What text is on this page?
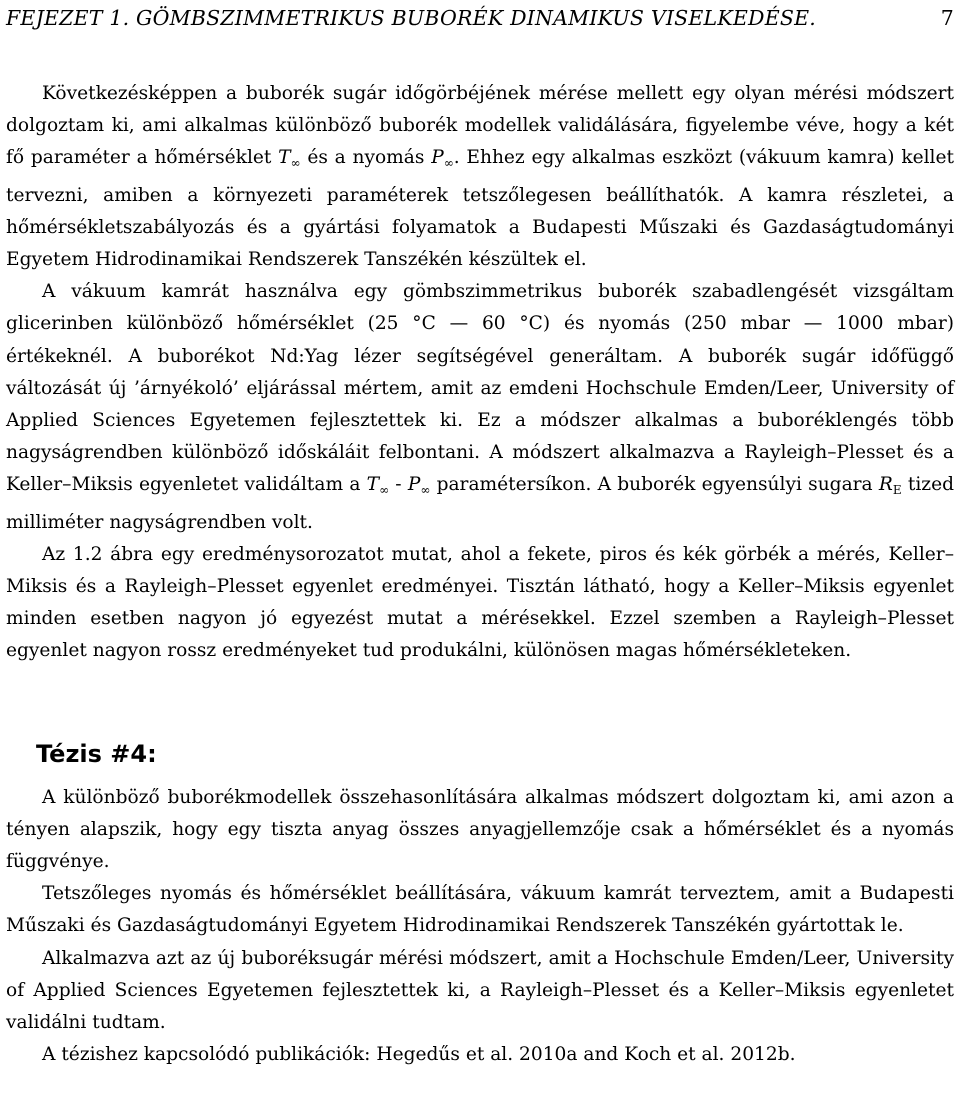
FEJEZET 1. GÖMBSZIMMETRIKUS BUBORÉK DINAMIKUS VISELKEDÉSE.	7

Következésképpen a buborék sugár időgörbéjének mérése mellett egy olyan mérési módszert dolgoztam ki, ami alkalmas különböző buborék modellek validálására, figyelembe véve, hogy a két fő paraméter a hőmérséklet $T_\infty$ és a nyomás $P_\infty$. Ehhez egy alkalmas eszközt (vákuum kamra) kellet tervezni, amiben a környezeti paraméterek tetszőlegesen beállíthatók. A kamra részletei, a hőmérsékletszabályozás és a gyártási folyamatok a Budapesti Műszaki és Gazdaságtudományi Egyetem Hidrodinamikai Rendszerek Tanszékén készültek el.

A vákuum kamrát használva egy gömbszimmetrikus buborék szabadlengését vizsgáltam glicerinben különböző hőmérséklet (25 °C — 60 °C) és nyomás (250 mbar — 1000 mbar) értékeknél. A buborékot Nd:Yag lézer segítségével generáltam. A buborék sugár időfüggő változását új ’árnyékoló’ eljárással mértem, amit az emdeni Hochschule Emden/Leer, University of Applied Sciences Egyetemen fejlesztettek ki. Ez a módszer alkalmas a buboréklengés több nagyságrendben különböző időskáláit felbontani. A módszert alkalmazva a Rayleigh–Plesset és a Keller–Miksis egyenletet validáltam a $T_\infty - P_\infty$ paramétersíkon. A buborék egyensúlyi sugara $R_E$ tized milliméter nagyságrendben volt.

Az 1.2 ábra egy eredménysorozatot mutat, ahol a fekete, piros és kék görbék a mérés, Keller–Miksis és a Rayleigh–Plesset egyenlet eredményei. Tisztán látható, hogy a Keller–Miksis egyenlet minden esetben nagyon jó egyezést mutat a mérésekkel. Ezzel szemben a Rayleigh–Plesset egyenlet nagyon rossz eredményeket tud produkálni, különösen magas hőmérsékleteken.

Tézis #4:

A különböző buborékmodellek összehasonlítására alkalmas módszert dolgoztam ki, ami azon a tényen alapszik, hogy egy tiszta anyag összes anyagjellemzője csak a hőmérséklet és a nyomás függvénye.

Tetszőleges nyomás és hőmérséklet beállítására, vákuum kamrát terveztem, amit a Budapesti Műszaki és Gazdaságtudományi Egyetem Hidrodinamikai Rendszerek Tanszékén gyártottak le.

Alkalmazva azt az új buboréksugár mérési módszert, amit a Hochschule Emden/Leer, University of Applied Sciences Egyetemen fejlesztettek ki, a Rayleigh–Plesset és a Keller–Miksis egyenletet validálni tudtam.

A tézishez kapcsolódó publikációk: Hegedűs et al. 2010a and Koch et al. 2012b.
